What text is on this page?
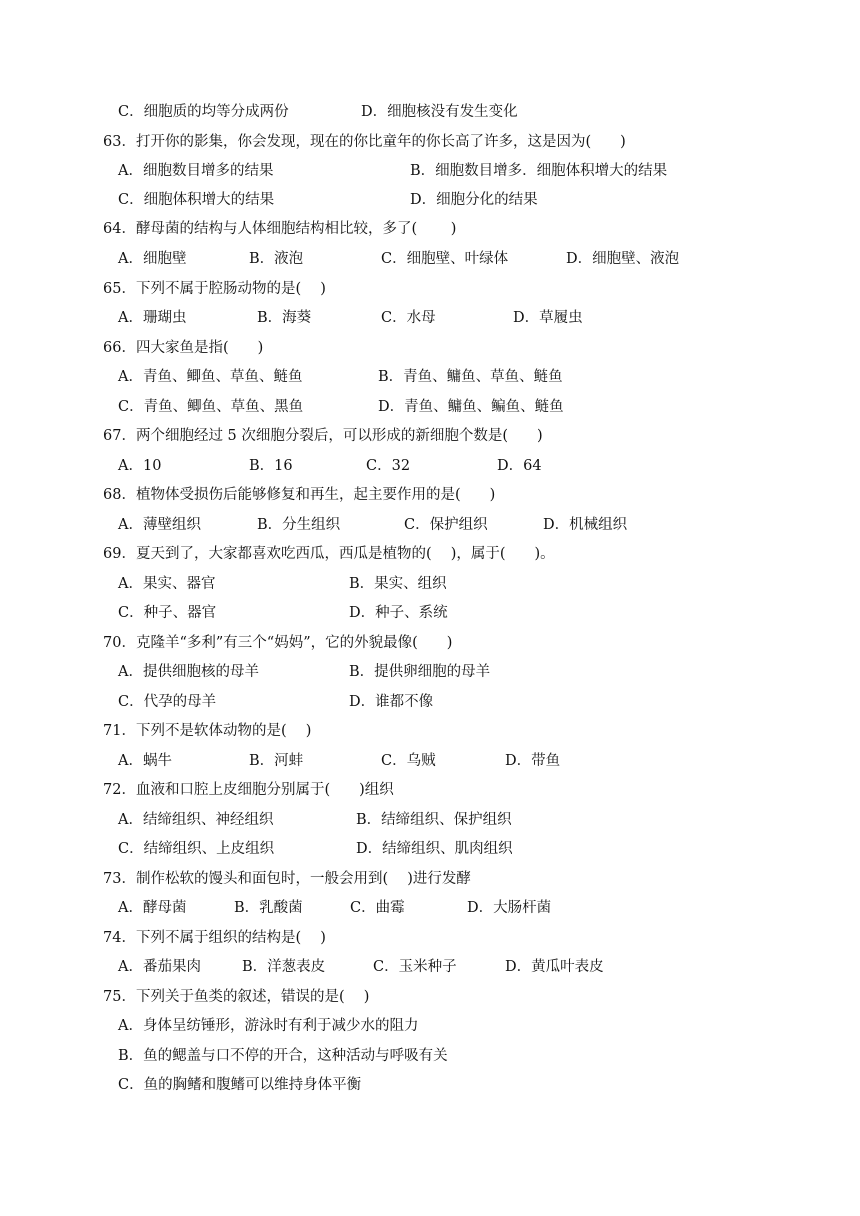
C．细胞质的均等分成两份	D．细胞核没有发生变化
63．打开你的影集，你会发现，现在的你比童年的你长高了许多，这是因为(　　)
A．细胞数目增多的结果	B．细胞数目增多．细胞体积增大的结果
C．细胞体积增大的结果	D．细胞分化的结果
64．酵母菌的结构与人体细胞结构相比较，多了(　　 )
A．细胞壁	B．液泡	C．细胞壁、叶绿体	D．细胞壁、液泡
65．下列不属于腔肠动物的是(　 )
A．珊瑚虫	B．海葵	C．水母	D．草履虫
66．四大家鱼是指(　　)
A．青鱼、鲫鱼、草鱼、鲢鱼	B．青鱼、鳙鱼、草鱼、鲢鱼
C．青鱼、鲫鱼、草鱼、黑鱼	D．青鱼、鳙鱼、鳊鱼、鲢鱼
67．两个细胞经过 5 次细胞分裂后，可以形成的新细胞个数是(　　)
A．10	B．16	C．32	D．64
68．植物体受损伤后能够修复和再生，起主要作用的是(　　)
A．薄壁组织	B．分生组织	C．保护组织	D．机械组织
69．夏天到了，大家都喜欢吃西瓜，西瓜是植物的(　 )，属于(　　)。
A．果实、器官	B．果实、组织
C．种子、器官	D．种子、系统
70．克隆羊“多利”有三个“妈妈”，它的外貌最像(　　)
A．提供细胞核的母羊	B．提供卵细胞的母羊
C．代孕的母羊	D．谁都不像
71．下列不是软体动物的是(　 )
A．蜗牛	B．河蚌	C．乌贼	D．带鱼
72．血液和口腔上皮细胞分别属于(　　)组织
A．结缔组织、神经组织	B．结缔组织、保护组织
C．结缔组织、上皮组织	D．结缔组织、肌肉组织
73．制作松软的馒头和面包时，一般会用到(　 )进行发酵
A．酵母菌	B．乳酸菌	C．曲霉	D．大肠杆菌
74．下列不属于组织的结构是(　 )
A．番茄果肉	B．洋葱表皮	C．玉米种子	D．黄瓜叶表皮
75．下列关于鱼类的叙述，错误的是(　 )
A．身体呈纺锤形，游泳时有利于减少水的阻力
B．鱼的鳃盖与口不停的开合，这种活动与呼吸有关
C．鱼的胸鳍和腹鳍可以维持身体平衡
